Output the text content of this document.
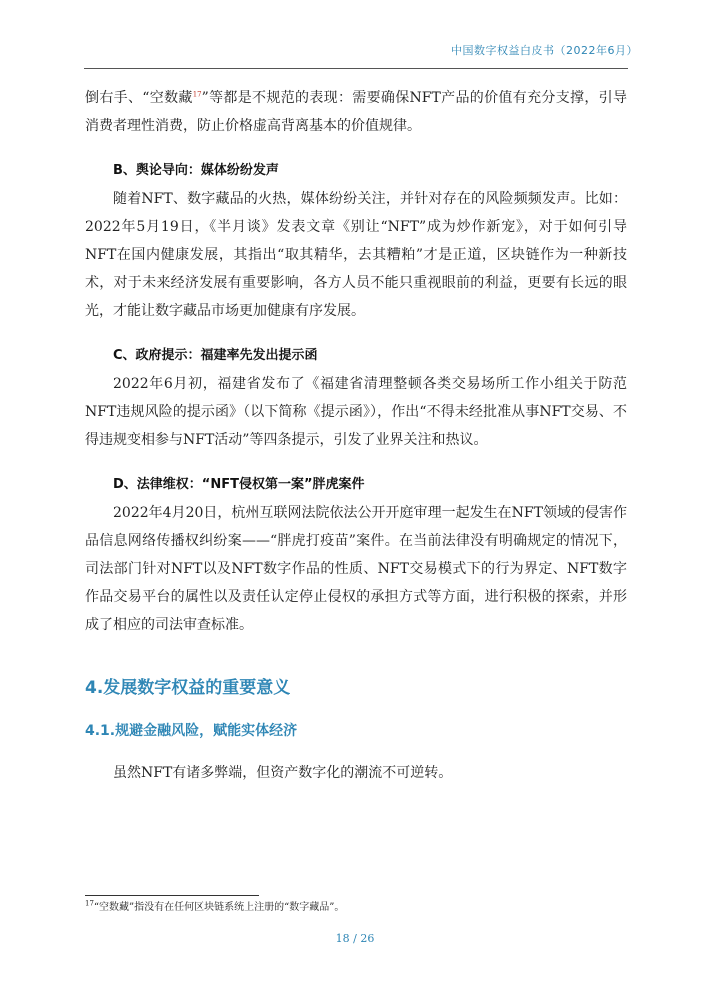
中国数字权益白皮书（2022年6月）

倒右手、“空数藏$^{17}$”等都是不规范的表现：需要确保NFT产品的价值有充分支撑，引导消费者理性消费，防止价格虚高背离基本的价值规律。

B、舆论导向：媒体纷纷发声

随着NFT、数字藏品的火热，媒体纷纷关注，并针对存在的风险频频发声。比如：2022年5月19日，《半月谈》发表文章《别让“NFT”成为炒作新宠》，对于如何引导NFT在国内健康发展，其指出“取其精华，去其糟粕”才是正道，区块链作为一种新技术，对于未来经济发展有重要影响，各方人员不能只重视眼前的利益，更要有长远的眼光，才能让数字藏品市场更加健康有序发展。

C、政府提示：福建率先发出提示函

2022年6月初，福建省发布了《福建省清理整顿各类交易场所工作小组关于防范NFT违规风险的提示函》（以下简称《提示函》），作出“不得未经批准从事NFT交易、不得违规变相参与NFT活动”等四条提示，引发了业界关注和热议。

D、法律维权：“NFT侵权第一案”胖虎案件

2022年4月20日，杭州互联网法院依法公开开庭审理一起发生在NFT领域的侵害作品信息网络传播权纠纷案——“胖虎打疫苗”案件。在当前法律没有明确规定的情况下，司法部门针对NFT以及NFT数字作品的性质、NFT交易模式下的行为界定、NFT数字作品交易平台的属性以及责任认定停止侵权的承担方式等方面，进行积极的探索，并形成了相应的司法审查标准。

4.发展数字权益的重要意义
4.1.规避金融风险，赋能实体经济

虽然NFT有诸多弊端，但资产数字化的潮流不可逆转。

$^{17}$“空数藏”指没有在任何区块链系统上注册的“数字藏品”。
18 / 26
